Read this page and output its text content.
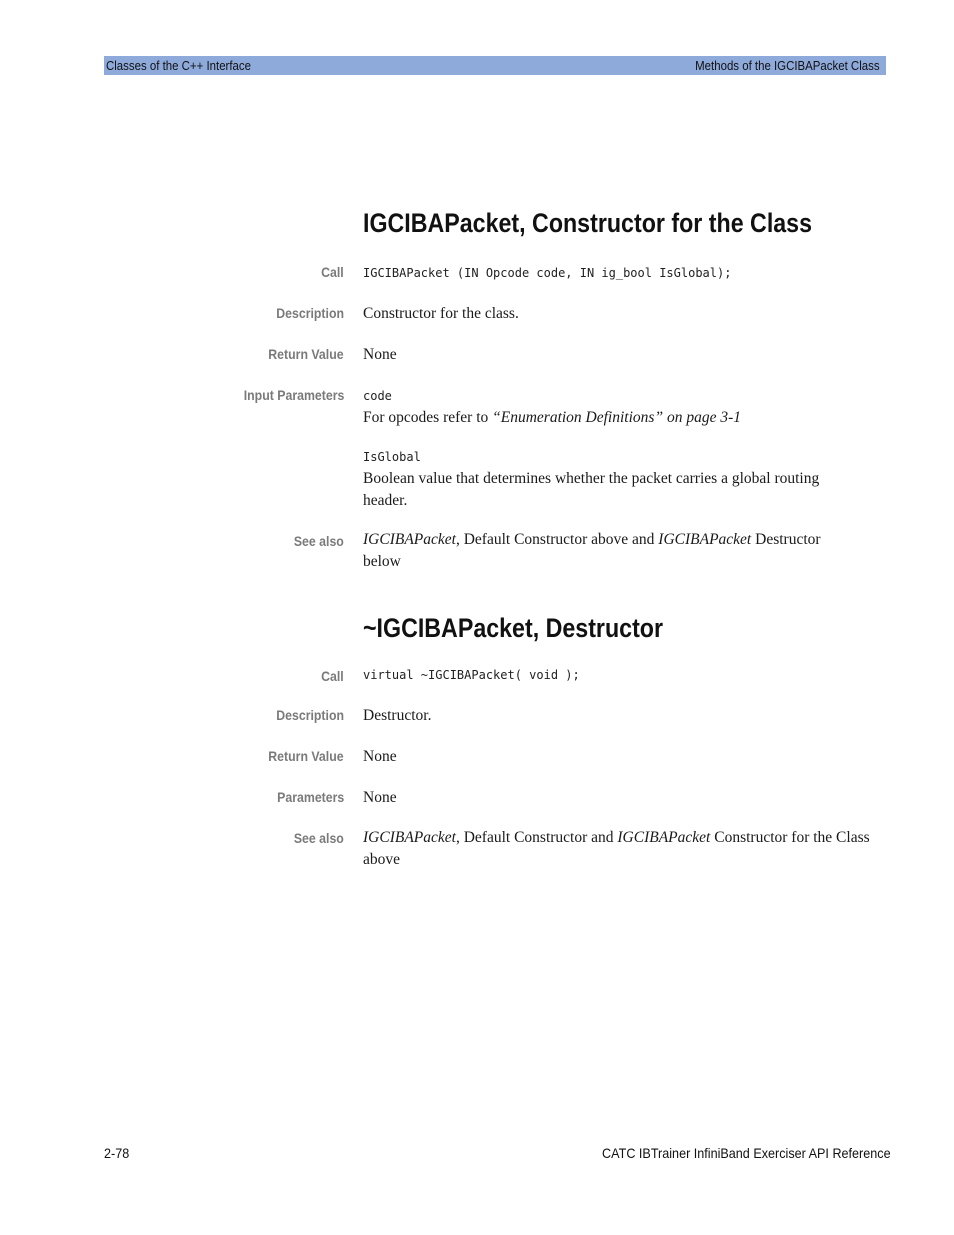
Classes of the C++ Interface	Methods of the IGCIBAPacket Class
IGCIBAPacket, Constructor for the Class
Call IGCIBAPacket (IN Opcode code, IN ig_bool IsGlobal);
Description Constructor for the class.
Return Value None
Input Parameters code
For opcodes refer to “Enumeration Definitions” on page 3-1
IsGlobal
Boolean value that determines whether the packet carries a global routing header.
See also IGCIBAPacket, Default Constructor above and IGCIBAPacket Destructor below
~IGCIBAPacket, Destructor
Call virtual ~IGCIBAPacket( void );
Description Destructor.
Return Value None
Parameters None
See also IGCIBAPacket, Default Constructor and IGCIBAPacket Constructor for the Class above
2-78	CATC IBTrainer InfiniBand Exerciser API Reference
